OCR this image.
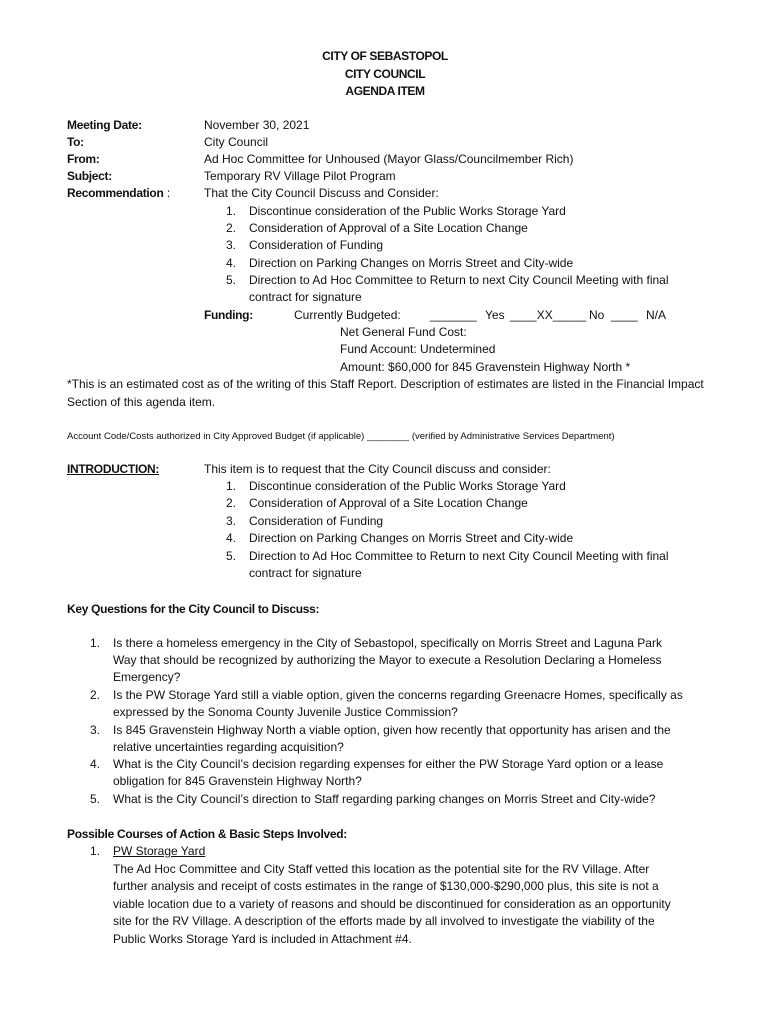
CITY OF SEBASTOPOL
CITY COUNCIL
AGENDA ITEM
Meeting Date:
To:
From:
Subject:
Recommendation :
November 30, 2021
City Council
Ad Hoc Committee for Unhoused (Mayor Glass/Councilmember Rich)
Temporary RV Village Pilot Program
That the City Council Discuss and Consider:
1. Discontinue consideration of the Public Works Storage Yard
2. Consideration of Approval of a Site Location Change
3. Consideration of Funding
4. Direction on Parking Changes on Morris Street and City-wide
5. Direction to Ad Hoc Committee to Return to next City Council Meeting with final
contract for signature
Funding:	Currently Budgeted: _______ Yes ____XX_____ No ____ N/A
Net General Fund Cost:
Fund Account: Undetermined
Amount: $60,000 for 845 Gravenstein Highway North *
*This is an estimated cost as of the writing of this Staff Report. Description of estimates are listed in the Financial Impact Section of this agenda item.
Account Code/Costs authorized in City Approved Budget (if applicable) ________ (verified by Administrative Services Department)
INTRODUCTION:	This item is to request that the City Council discuss and consider:
1. Discontinue consideration of the Public Works Storage Yard
2. Consideration of Approval of a Site Location Change
3. Consideration of Funding
4. Direction on Parking Changes on Morris Street and City-wide
5. Direction to Ad Hoc Committee to Return to next City Council Meeting with final
contract for signature
Key Questions for the City Council to Discuss:
1. Is there a homeless emergency in the City of Sebastopol, specifically on Morris Street and Laguna Park
Way that should be recognized by authorizing the Mayor to execute a Resolution Declaring a Homeless
Emergency?
2. Is the PW Storage Yard still a viable option, given the concerns regarding Greenacre Homes, specifically as
expressed by the Sonoma County Juvenile Justice Commission?
3. Is 845 Gravenstein Highway North a viable option, given how recently that opportunity has arisen and the
relative uncertainties regarding acquisition?
4. What is the City Council’s decision regarding expenses for either the PW Storage Yard option or a lease
obligation for 845 Gravenstein Highway North?
5. What is the City Council’s direction to Staff regarding parking changes on Morris Street and City-wide?
Possible Courses of Action & Basic Steps Involved:
1. PW Storage Yard
The Ad Hoc Committee and City Staff vetted this location as the potential site for the RV Village. After
further analysis and receipt of costs estimates in the range of $130,000-$290,000 plus, this site is not a
viable location due to a variety of reasons and should be discontinued for consideration as an opportunity
site for the RV Village. A description of the efforts made by all involved to investigate the viability of the
Public Works Storage Yard is included in Attachment #4.
